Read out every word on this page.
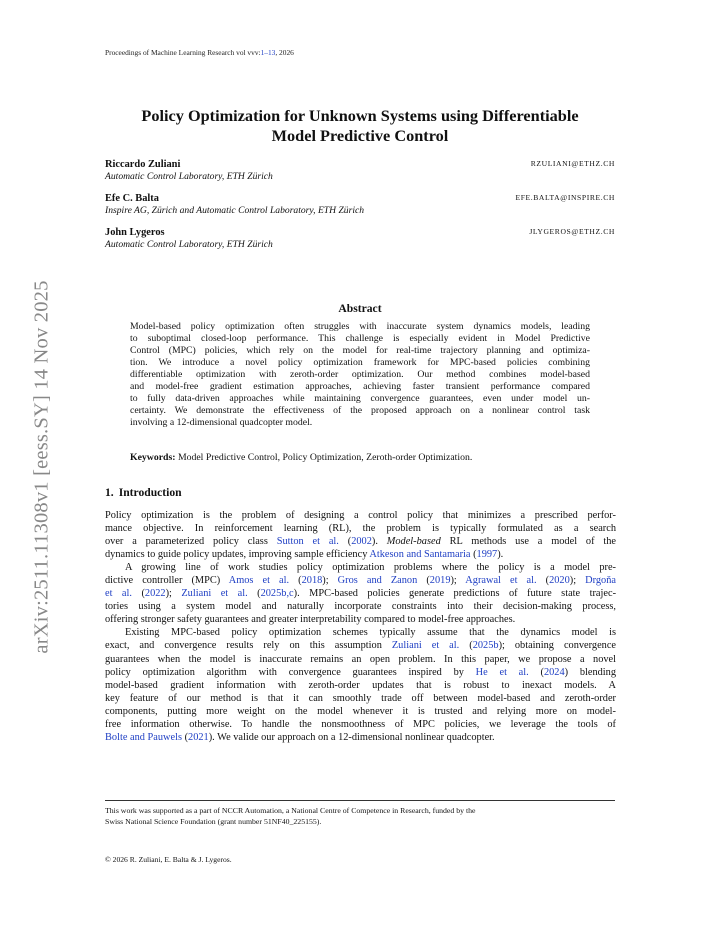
Proceedings of Machine Learning Research vol vvv:1–13, 2026
arXiv:2511.11308v1 [eess.SY] 14 Nov 2025
Policy Optimization for Unknown Systems using Differentiable
Model Predictive Control
Riccardo Zuliani	RZULIANI@ETHZ.CH
Automatic Control Laboratory, ETH Zürich
Efe C. Balta	EFE.BALTA@INSPIRE.CH
Inspire AG, Zürich and Automatic Control Laboratory, ETH Zürich
John Lygeros	JLYGEROS@ETHZ.CH
Automatic Control Laboratory, ETH Zürich
Abstract
Model-based policy optimization often struggles with inaccurate system dynamics models, leading
to suboptimal closed-loop performance. This challenge is especially evident in Model Predictive
Control (MPC) policies, which rely on the model for real-time trajectory planning and optimiza-
tion. We introduce a novel policy optimization framework for MPC-based policies combining
differentiable optimization with zeroth-order optimization. Our method combines model-based
and model-free gradient estimation approaches, achieving faster transient performance compared
to fully data-driven approaches while maintaining convergence guarantees, even under model un-
certainty. We demonstrate the effectiveness of the proposed approach on a nonlinear control task
involving a 12-dimensional quadcopter model.
Keywords: Model Predictive Control, Policy Optimization, Zeroth-order Optimization.
1. Introduction
Policy optimization is the problem of designing a control policy that minimizes a prescribed perfor-
mance objective. In reinforcement learning (RL), the problem is typically formulated as a search
over a parameterized policy class Sutton et al. (2002). Model-based RL methods use a model of the
dynamics to guide policy updates, improving sample efficiency Atkeson and Santamaria (1997).
A growing line of work studies policy optimization problems where the policy is a model pre-
dictive controller (MPC) Amos et al. (2018); Gros and Zanon (2019); Agrawal et al. (2020); Drgoňa
et al. (2022); Zuliani et al. (2025b,c). MPC-based policies generate predictions of future state trajec-
tories using a system model and naturally incorporate constraints into their decision-making process,
offering stronger safety guarantees and greater interpretability compared to model-free approaches.
Existing MPC-based policy optimization schemes typically assume that the dynamics model is
exact, and convergence results rely on this assumption Zuliani et al. (2025b); obtaining convergence
guarantees when the model is inaccurate remains an open problem. In this paper, we propose a novel
policy optimization algorithm with convergence guarantees inspired by He et al. (2024) blending
model-based gradient information with zeroth-order updates that is robust to inexact models. A
key feature of our method is that it can smoothly trade off between model-based and zeroth-order
components, putting more weight on the model whenever it is trusted and relying more on model-
free information otherwise. To handle the nonsmoothness of MPC policies, we leverage the tools of
Bolte and Pauwels (2021). We valide our approach on a 12-dimensional nonlinear quadcopter.
This work was supported as a part of NCCR Automation, a National Centre of Competence in Research, funded by the
Swiss National Science Foundation (grant number 51NF40_225155).
© 2026 R. Zuliani, E. Balta & J. Lygeros.
